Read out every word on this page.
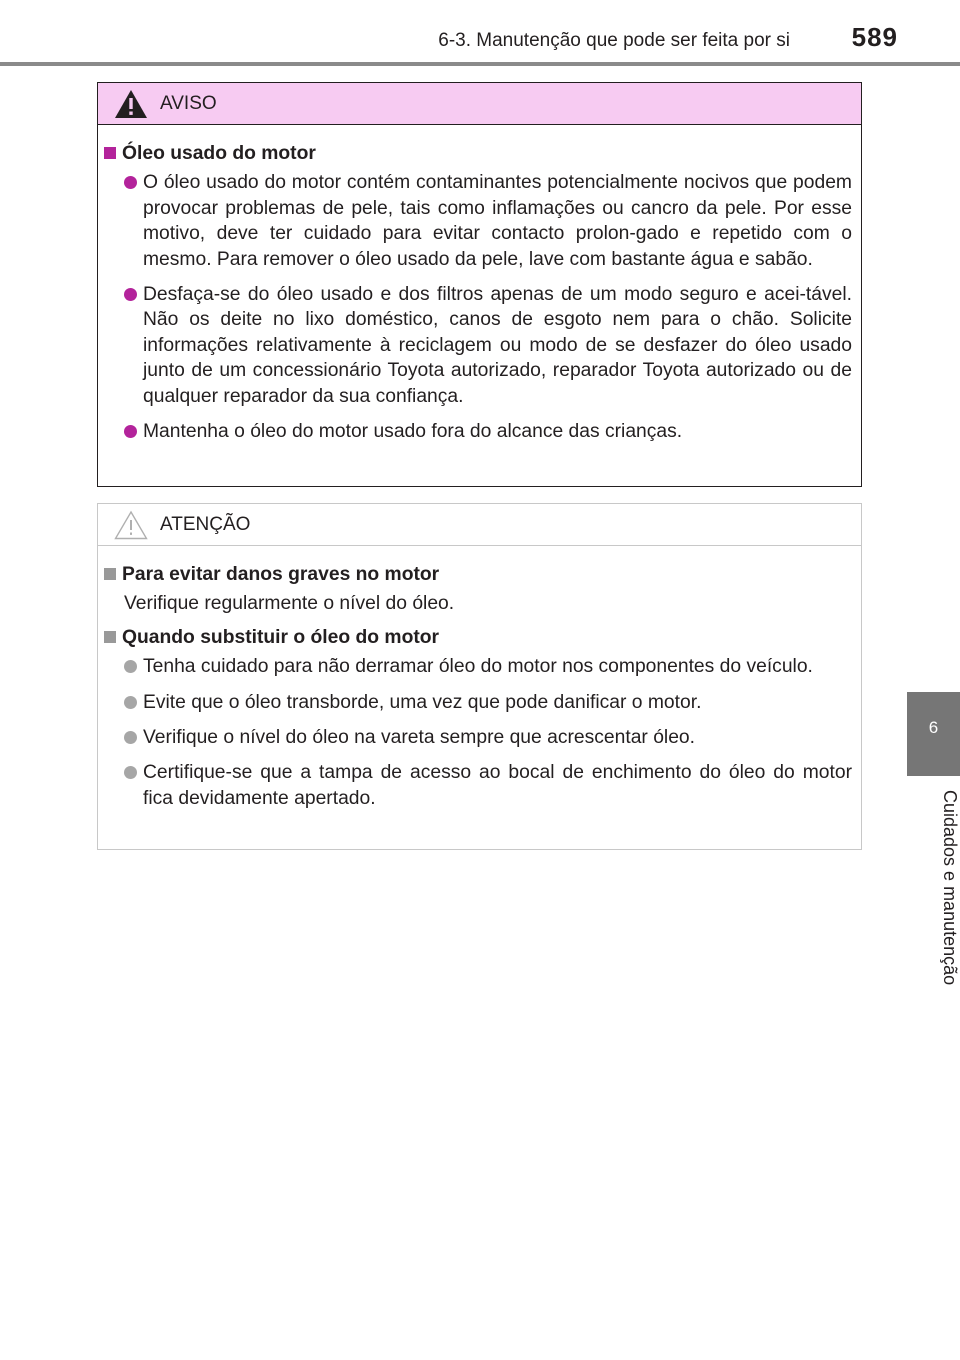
6-3. Manutenção que pode ser feita por si	589
6
Cuidados e manutenção
AVISO
Óleo usado do motor
O óleo usado do motor contém contaminantes potencialmente nocivos que podem provocar problemas de pele, tais como inflamações ou cancro da pele. Por esse motivo, deve ter cuidado para evitar contacto prolon-gado e repetido com o mesmo. Para remover o óleo usado da pele, lave com bastante água e sabão.
Desfaça-se do óleo usado e dos filtros apenas de um modo seguro e acei-tável. Não os deite no lixo doméstico, canos de esgoto nem para o chão. Solicite informações relativamente à reciclagem ou modo de se desfazer do óleo usado junto de um concessionário Toyota autorizado, reparador Toyota autorizado ou de qualquer reparador da sua confiança.
Mantenha o óleo do motor usado fora do alcance das crianças.
ATENÇÃO
Para evitar danos graves no motor
Verifique regularmente o nível do óleo.
Quando substituir o óleo do motor
Tenha cuidado para não derramar óleo do motor nos componentes do veículo.
Evite que o óleo transborde, uma vez que pode danificar o motor.
Verifique o nível do óleo na vareta sempre que acrescentar óleo.
Certifique-se que a tampa de acesso ao bocal de enchimento do óleo do motor fica devidamente apertado.
